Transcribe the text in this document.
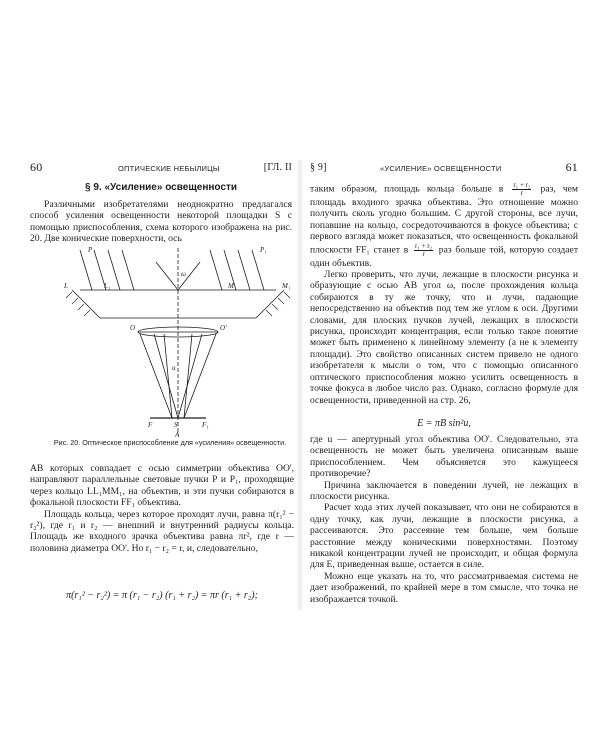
60	ОПТИЧЕСКИЕ НЕБЫЛИЦЫ	[ГЛ. II
§ 9. «Усиление» освещенности

Различными изобретателями неоднократно предлагался способ усиления освещенности некоторой площадки S с помощью приспособления, схема которого изображена на рис. 20. Две конические поверхности, ось

P	P₁
L	L₁	M	M₁
O	O'
ω
u
F	S	F₁
A
Рис. 20. Оптическое приспособление для «усиления» освещенности.

AB которых совпадает с осью симметрии объектива OO', направляют параллельные световые пучки P и P₁, проходящие через кольцо LL₁MM₁, на объектив, и эти пучки собираются в фокальной плоскости FF₁ объектива.

Площадь кольца, через которое проходят лучи, равна π(r₁² − r₂²), где r₁ и r₂ — внешний и внутренний радиусы кольца. Площадь же входного зрачка объектива равна πr², где r — половина диаметра OO'. Но r₁ − r₂ = r, и, следовательно,

π(r₁² − r₂²) = π (r₁ − r₂) (r₁ + r₂) = πr (r₁ + r₂);
§ 9]	«УСИЛЕНИЕ» ОСВЕЩЕННОСТИ	61

таким образом, площадь кольца больше в $\frac{\text{r₁ + r₂}}{r}$ раз, чем площадь входного зрачка объектива. Это отношение можно получить сколь угодно большим. С другой стороны, все лучи, попавшие на кольцо, сосредоточиваются в фокусе объектива; с первого взгляда может показаться, что освещенность фокальной плоскости FF₁ станет в $\frac{\text{r₁ + r₂}}{r}$ раз больше той, которую создает один объектив.

Легко проверить, что лучи, лежащие в плоскости рисунка и образующие с осью AB угол ω, после прохождения кольца собираются в ту же точку, что и лучи, падающие непосредственно на объектив под тем же углом к оси. Другими словами, для плоских пучков лучей, лежащих в плоскости рисунка, происходит концентрация, если только такое понятие может быть применено к линейному элементу (а не к элементу площади). Это свойство описанных систем привело не одного изобретателя к мысли о том, что с помощью описанного оптического приспособления можно усилить освещенность в точке фокуса в любое число раз. Однако, согласно формуле для освещенности, приведенной на стр. 26,

E = πB sin²u,

где u — апертурный угол объектива OO'. Следовательно, эта освещенность не может быть увеличена описанным выше приспособлением. Чем объясняется это кажущееся противоречие?

Причина заключается в поведении лучей, не лежащих в плоскости рисунка.

Расчет хода этих лучей показывает, что они не собираются в одну точку, как лучи, лежащие в плоскости рисунка, а рассеиваются. Это рассеяние тем больше, чем больше расстояние между коническими поверхностями. Поэтому никакой концентрации лучей не происходит, и общая формула для E, приведенная выше, остается в силе.

Можно еще указать на то, что рассматриваемая система не дает изображений, по крайней мере в том смысле, что точка не изображается точкой.
